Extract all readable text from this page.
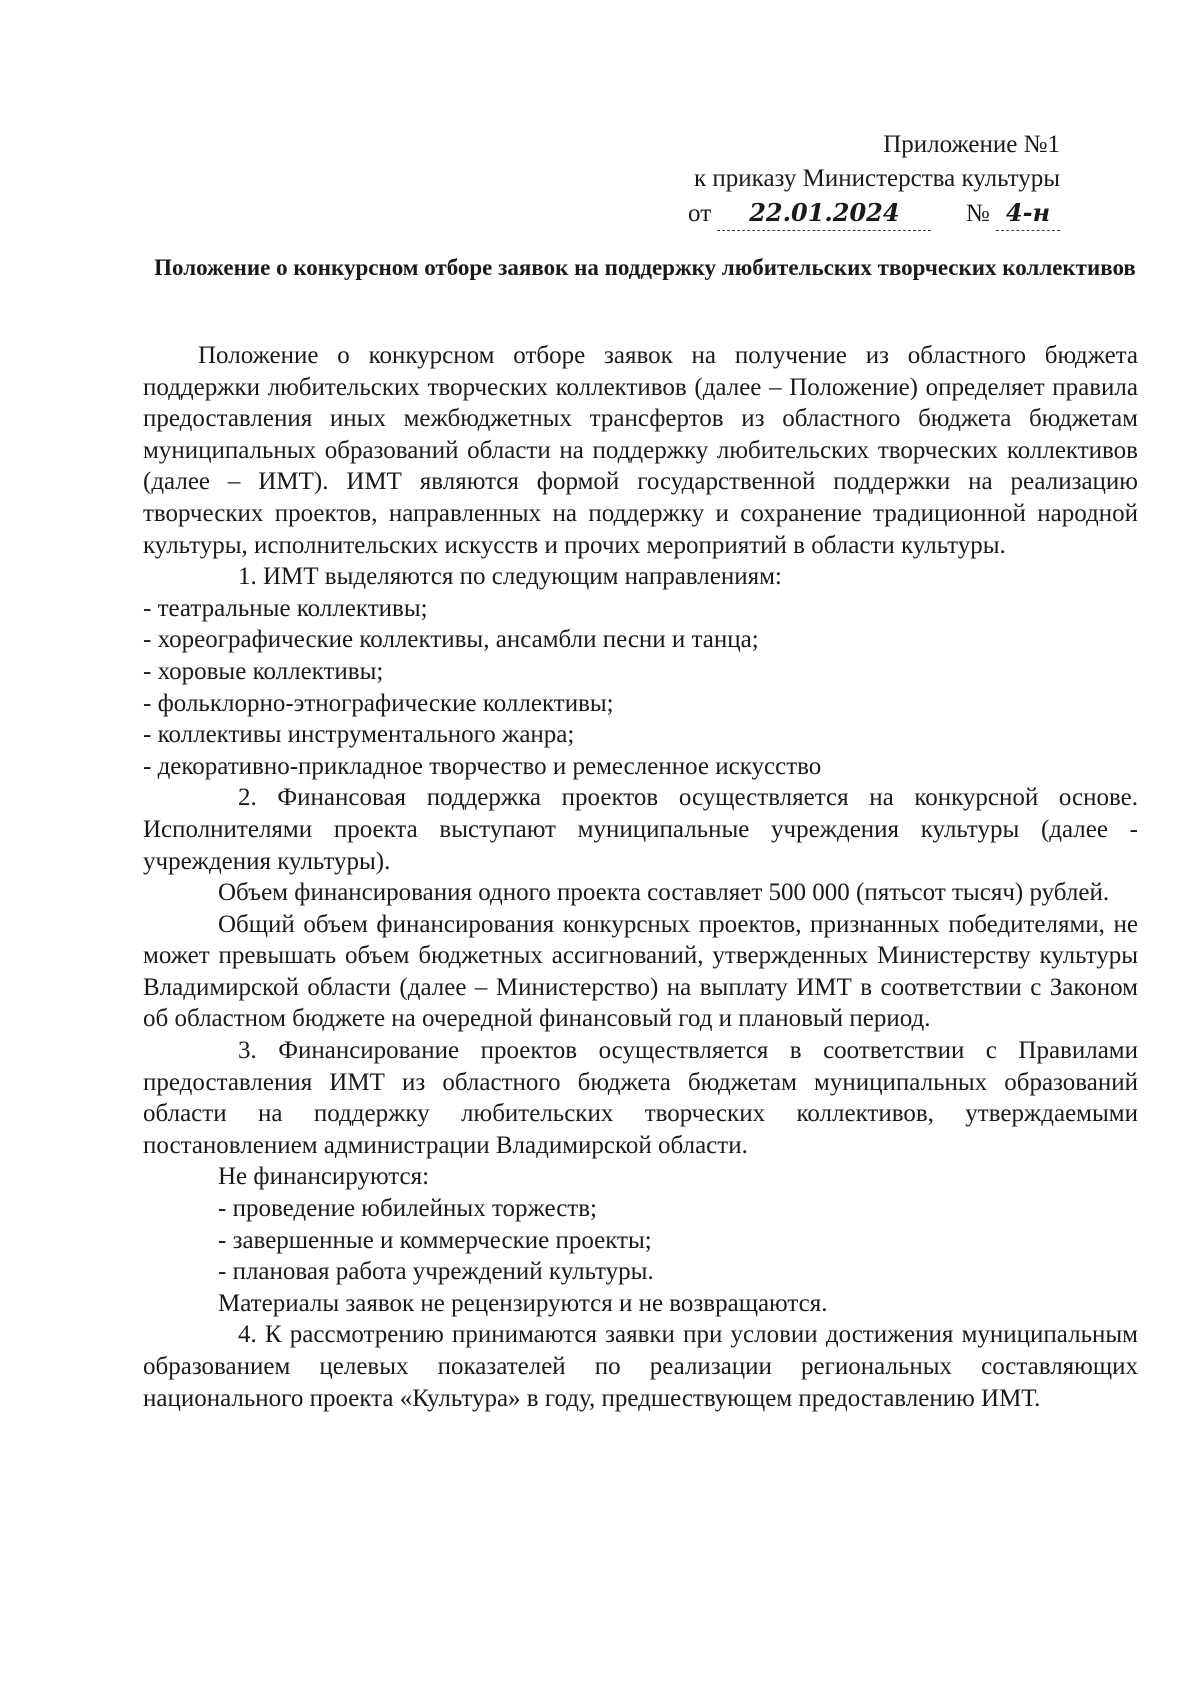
Приложение №1
к приказу Министерства культуры
от 22.01.2024	№ 4-н
Положение о конкурсном отборе заявок на поддержку любительских творческих коллективов

Положение о конкурсном отборе заявок на получение из областного бюджета поддержки любительских творческих коллективов (далее – Положение) определяет правила предоставления иных межбюджетных трансфертов из областного бюджета бюджетам муниципальных образований области на поддержку любительских творческих коллективов (далее – ИМТ). ИМТ являются формой государственной поддержки на реализацию творческих проектов, направленных на поддержку и сохранение традиционной народной культуры, исполнительских искусств и прочих мероприятий в области культуры.

1. ИМТ выделяются по следующим направлениям:

- театральные коллективы;

- хореографические коллективы, ансамбли песни и танца;

- хоровые коллективы;

- фольклорно-этнографические коллективы;

- коллективы инструментального жанра;

- декоративно-прикладное творчество и ремесленное искусство

2. Финансовая поддержка проектов осуществляется на конкурсной основе. Исполнителями проекта выступают муниципальные учреждения культуры (далее - учреждения культуры).

Объем финансирования одного проекта составляет 500 000 (пятьсот тысяч) рублей.

Общий объем финансирования конкурсных проектов, признанных победителями, не может превышать объем бюджетных ассигнований, утвержденных Министерству культуры Владимирской области (далее – Министерство) на выплату ИМТ в соответствии с Законом об областном бюджете на очередной финансовый год и плановый период.

3. Финансирование проектов осуществляется в соответствии с Правилами предоставления ИМТ из областного бюджета бюджетам муниципальных образований области на поддержку любительских творческих коллективов, утверждаемыми постановлением администрации Владимирской области.

Не финансируются:

- проведение юбилейных торжеств;

- завершенные и коммерческие проекты;

- плановая работа учреждений культуры.

Материалы заявок не рецензируются и не возвращаются.

4. К рассмотрению принимаются заявки при условии достижения муниципальным образованием целевых показателей по реализации региональных составляющих национального проекта «Культура» в году, предшествующем предоставлению ИМТ.
